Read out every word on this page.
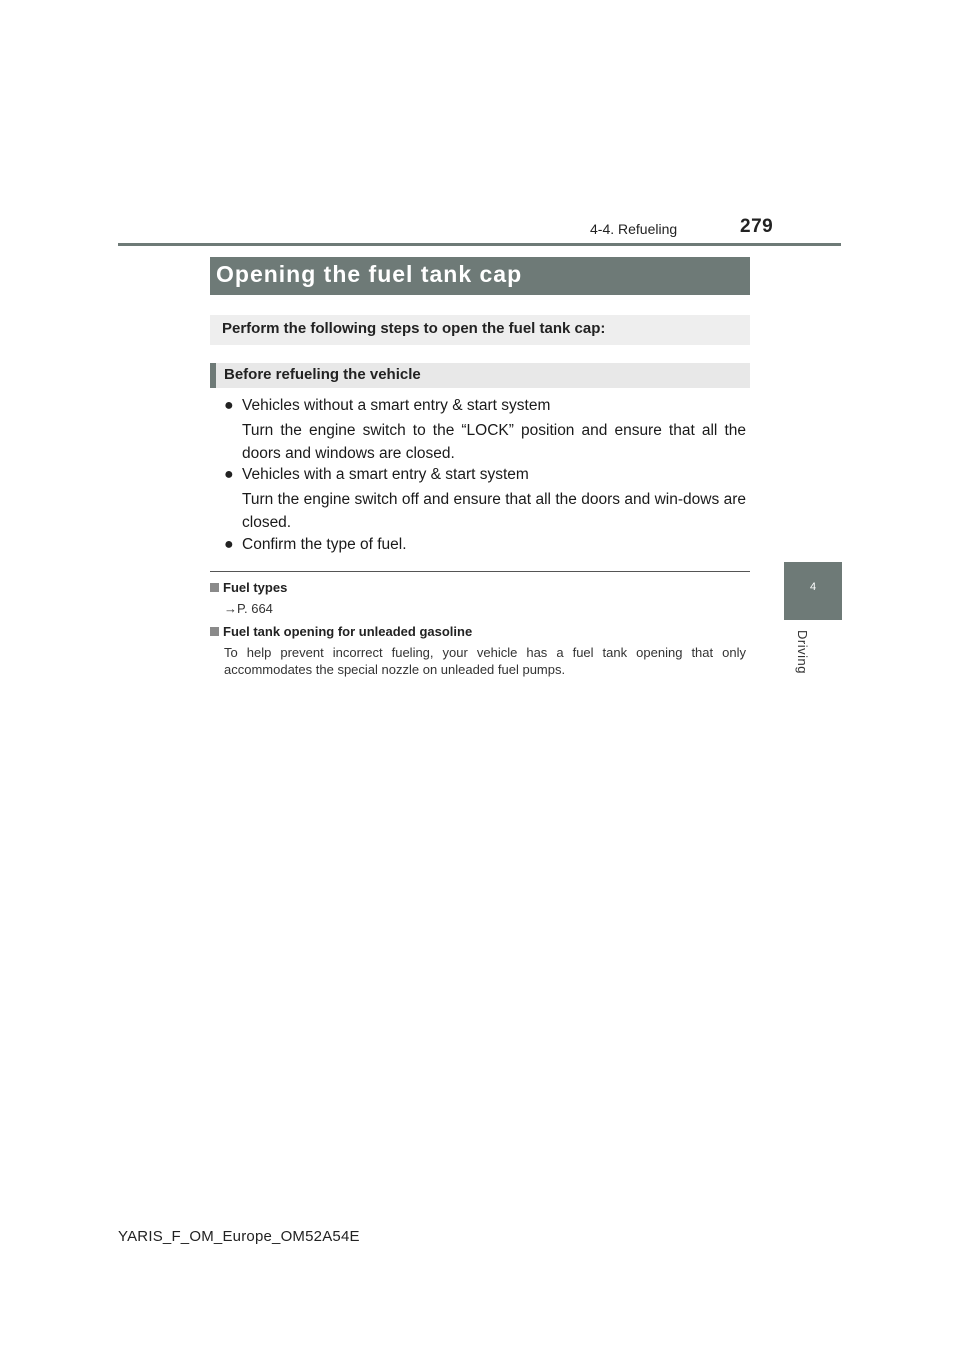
4-4. Refueling	279
4
Driving
Opening the fuel tank cap
Perform the following steps to open the fuel tank cap:
Before refueling the vehicle
● Vehicles without a smart entry & start system
Turn the engine switch to the “LOCK” position and ensure that all the doors and windows are closed.
● Vehicles with a smart entry & start system
Turn the engine switch off and ensure that all the doors and win-dows are closed.
● Confirm the type of fuel.
Fuel types
→P. 664
Fuel tank opening for unleaded gasoline
To help prevent incorrect fueling, your vehicle has a fuel tank opening that only accommodates the special nozzle on unleaded fuel pumps.
YARIS_F_OM_Europe_OM52A54E
